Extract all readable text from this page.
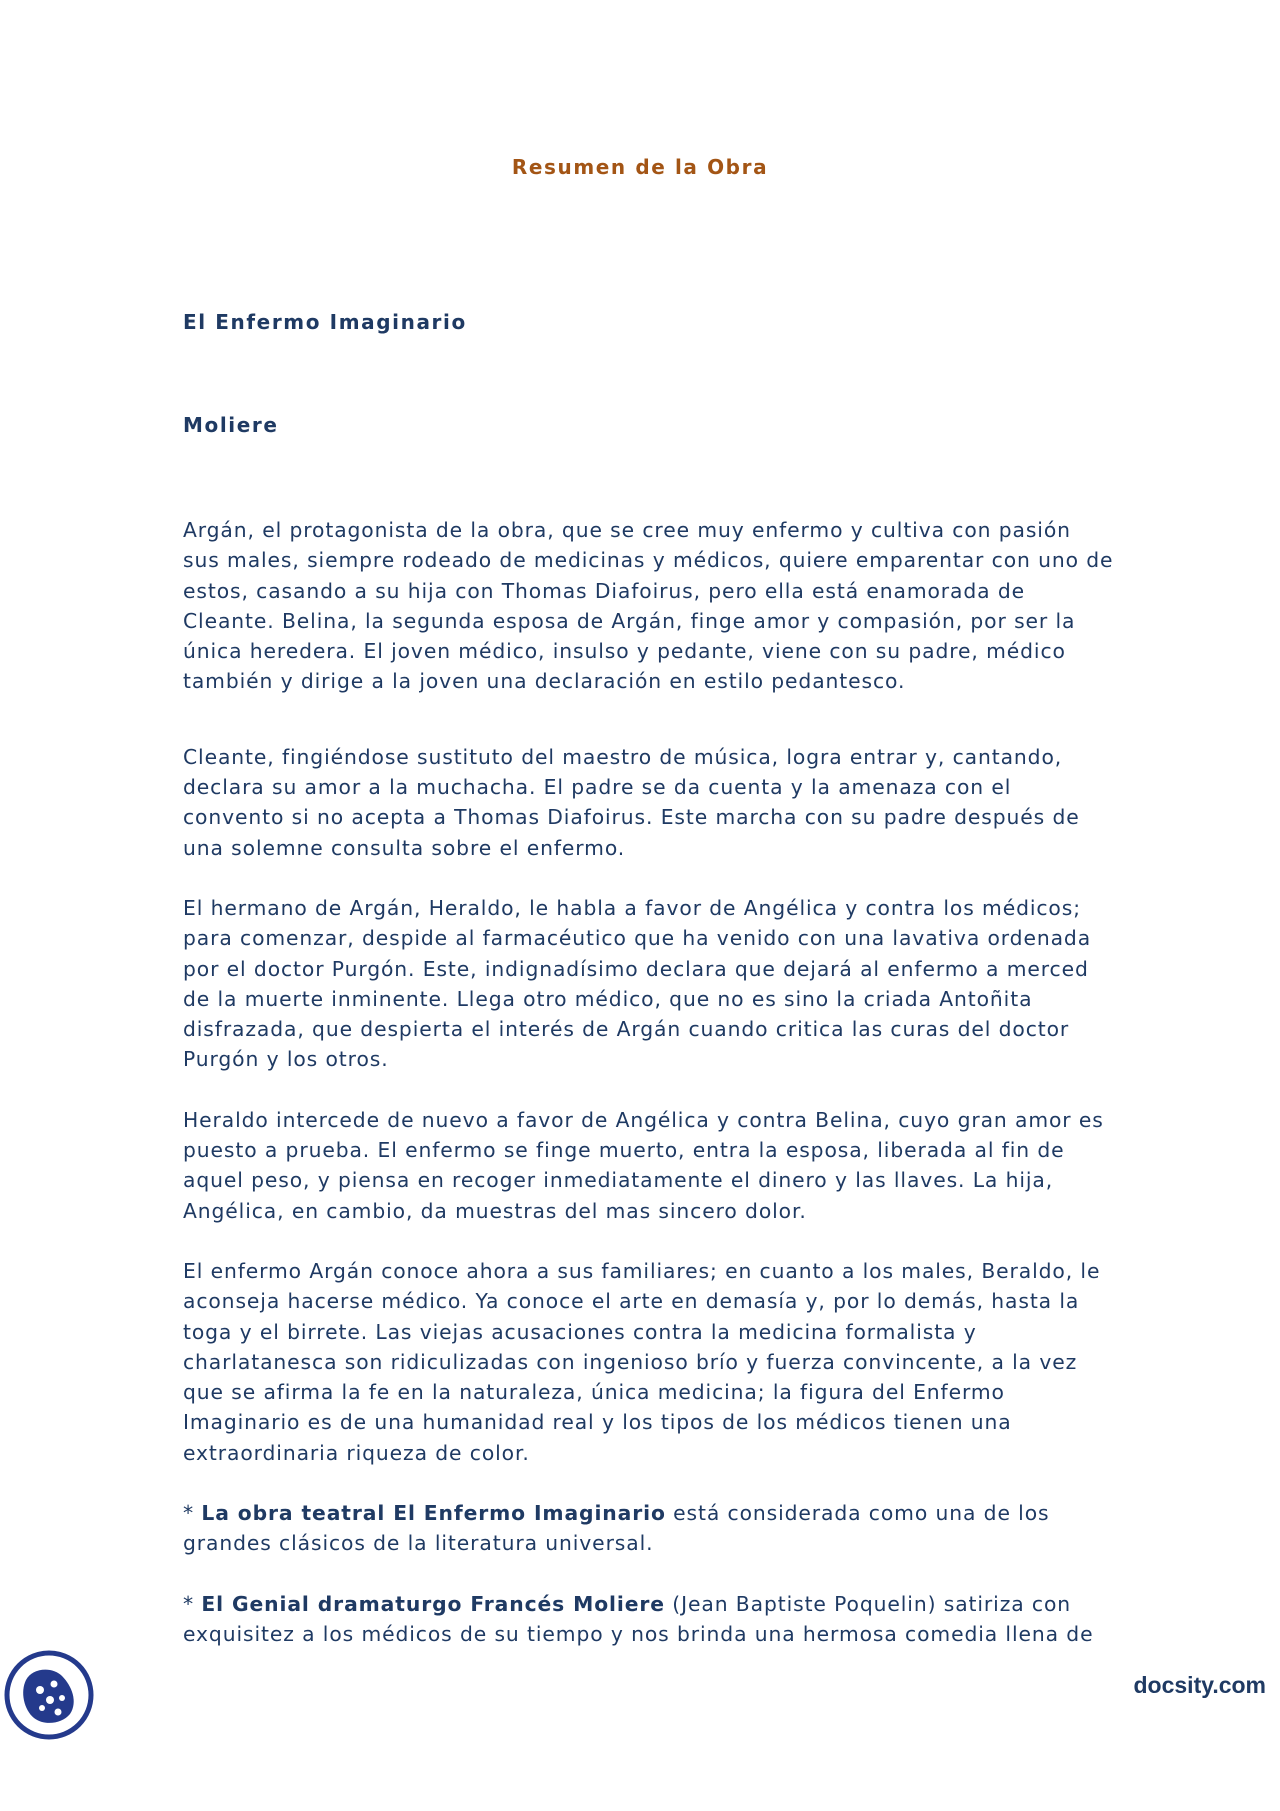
Resumen de la Obra
El Enfermo Imaginario
Moliere

Argán, el protagonista de la obra, que se cree muy enfermo y cultiva con pasión
sus males, siempre rodeado de medicinas y médicos, quiere emparentar con uno de
estos, casando a su hija con Thomas Diafoirus, pero ella está enamorada de
Cleante. Belina, la segunda esposa de Argán, finge amor y compasión, por ser la
única heredera. El joven médico, insulso y pedante, viene con su padre, médico
también y dirige a la joven una declaración en estilo pedantesco.

Cleante, fingiéndose sustituto del maestro de música, logra entrar y, cantando,
declara su amor a la muchacha. El padre se da cuenta y la amenaza con el
convento si no acepta a Thomas Diafoirus. Este marcha con su padre después de
una solemne consulta sobre el enfermo.

El hermano de Argán, Heraldo, le habla a favor de Angélica y contra los médicos;
para comenzar, despide al farmacéutico que ha venido con una lavativa ordenada
por el doctor Purgón. Este, indignadísimo declara que dejará al enfermo a merced
de la muerte inminente. Llega otro médico, que no es sino la criada Antoñita
disfrazada, que despierta el interés de Argán cuando critica las curas del doctor
Purgón y los otros.

Heraldo intercede de nuevo a favor de Angélica y contra Belina, cuyo gran amor es
puesto a prueba. El enfermo se finge muerto, entra la esposa, liberada al fin de
aquel peso, y piensa en recoger inmediatamente el dinero y las llaves. La hija,
Angélica, en cambio, da muestras del mas sincero dolor.

El enfermo Argán conoce ahora a sus familiares; en cuanto a los males, Beraldo, le
aconseja hacerse médico. Ya conoce el arte en demasía y, por lo demás, hasta la
toga y el birrete. Las viejas acusaciones contra la medicina formalista y
charlatanesca son ridiculizadas con ingenioso brío y fuerza convincente, a la vez
que se afirma la fe en la naturaleza, única medicina; la figura del Enfermo
Imaginario es de una humanidad real y los tipos de los médicos tienen una
extraordinaria riqueza de color.

* La obra teatral El Enfermo Imaginario está considerada como una de los
grandes clásicos de la literatura universal.

* El Genial dramaturgo Francés Moliere (Jean Baptiste Poquelin) satiriza con
exquisitez a los médicos de su tiempo y nos brinda una hermosa comedia llena de

docsity.com
